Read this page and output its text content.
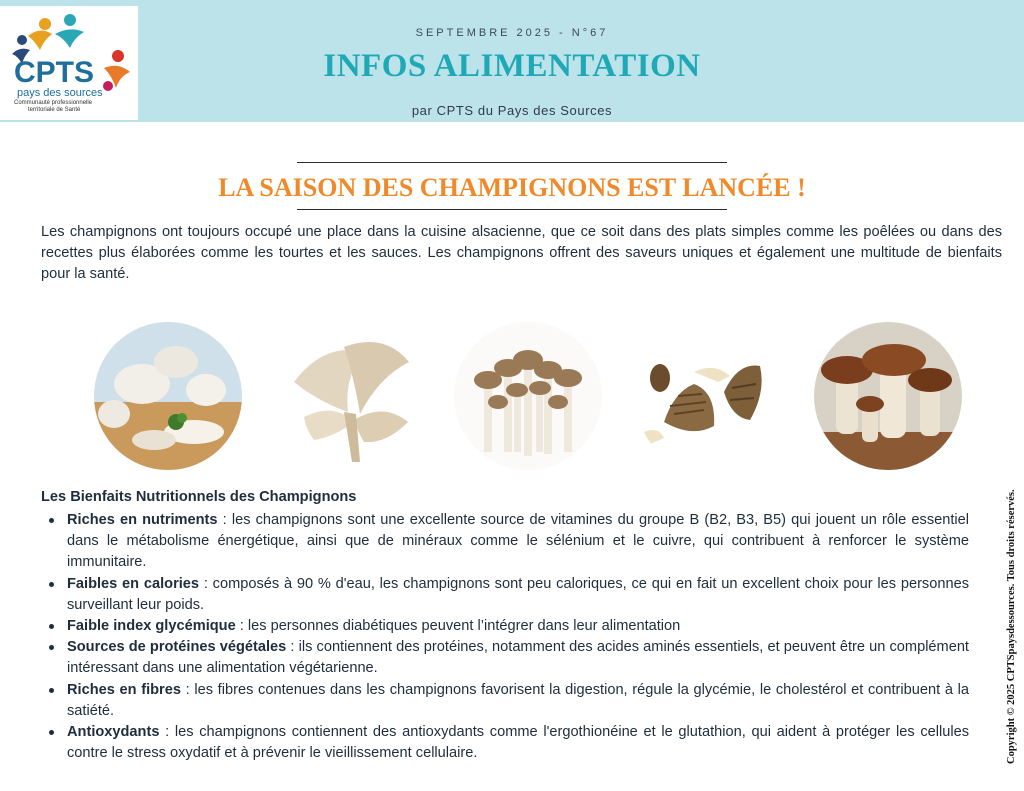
CPTS
pays des sources
Communauté professionnelle
territoriale de Santé
SEPTEMBRE 2025 - N°67
INFOS ALIMENTATION
par CPTS du Pays des Sources
LA SAISON DES CHAMPIGNONS EST LANCÉE !

Les champignons ont toujours occupé une place dans la cuisine alsacienne, que ce soit dans des plats simples comme les poêlées ou dans des recettes plus élaborées comme les tourtes et les sauces. Les champignons offrent des saveurs uniques et également une multitude de bienfaits pour la santé.

Les Bienfaits Nutritionnels des Champignons

Riches en nutriments : les champignons sont une excellente source de vitamines du groupe B (B2, B3, B5) qui jouent un rôle essentiel dans le métabolisme énergétique, ainsi que de minéraux comme le sélénium et le cuivre, qui contribuent à renforcer le système immunitaire.
Faibles en calories : composés à 90 % d'eau, les champignons sont peu caloriques, ce qui en fait un excellent choix pour les personnes surveillant leur poids.
Faible index glycémique : les personnes diabétiques peuvent l’intégrer dans leur alimentation
Sources de protéines végétales : ils contiennent des protéines, notamment des acides aminés essentiels, et peuvent être un complément intéressant dans une alimentation végétarienne.
Riches en fibres : les fibres contenues dans les champignons favorisent la digestion, régule la glycémie, le cholestérol et contribuent à la satiété.
Antioxydants : les champignons contiennent des antioxydants comme l'ergothionéine et le glutathion, qui aident à protéger les cellules contre le stress oxydatif et à prévenir le vieillissement cellulaire.	Copyright © 2025 CPTSpaysdessources. Tous droits réservés.
